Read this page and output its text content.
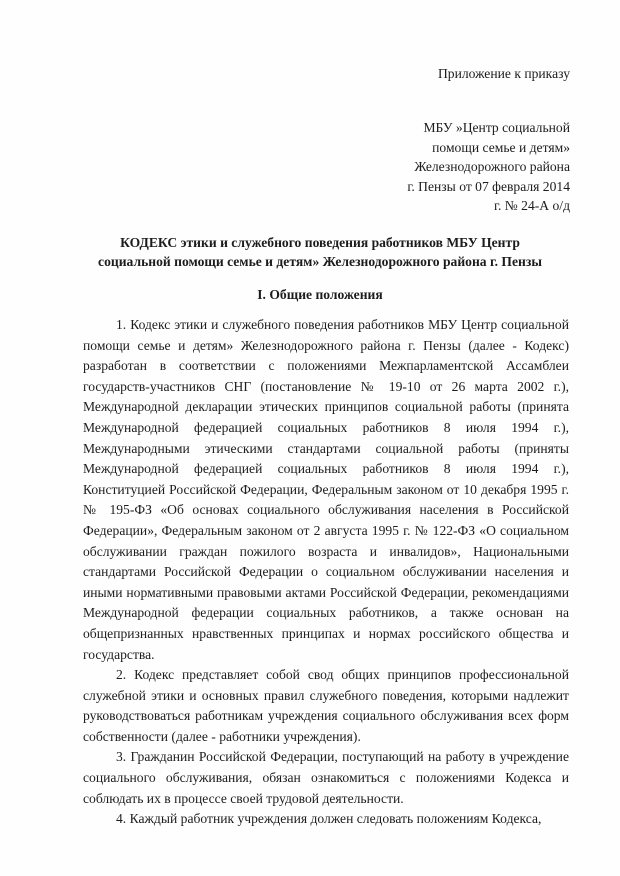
Приложение к приказу
МБУ »Центр социальной
помощи семье и детям»
Железнодорожного района
г. Пензы от 07 февраля 2014
г. № 24-А о/д
КОДЕКС этики и служебного поведения работников МБУ Центр
социальной помощи семье и детям» Железнодорожного района г. Пензы
I. Общие положения

1. Кодекс этики и служебного поведения работников МБУ Центр социальной помощи семье и детям» Железнодорожного района г. Пензы (далее - Кодекс) разработан в соответствии с положениями Межпарламентской Ассамблеи государств-участников СНГ (постановление № 19-10 от 26 марта 2002 г.), Международной декларации этических принципов социальной работы (принята Международной федерацией социальных работников 8 июля 1994 г.), Международными этическими стандартами социальной работы (приняты Международной федерацией социальных работников 8 июля 1994 г.), Конституцией Российской Федерации, Федеральным законом от 10 декабря 1995 г. № 195-ФЗ «Об основах социального обслуживания населения в Российской Федерации», Федеральным законом от 2 августа 1995 г. № 122-ФЗ «О социальном обслуживании граждан пожилого возраста и инвалидов», Национальными стандартами Российской Федерации о социальном обслуживании населения и иными нормативными правовыми актами Российской Федерации, рекомендациями Международной федерации социальных работников, а также основан на общепризнанных нравственных принципах и нормах российского общества и государства.

2. Кодекс представляет собой свод общих принципов профессиональной служебной этики и основных правил служебного поведения, которыми надлежит руководствоваться работникам учреждения социального обслуживания всех форм собственности (далее - работники учреждения).

3. Гражданин Российской Федерации, поступающий на работу в учреждение социального обслуживания, обязан ознакомиться с положениями Кодекса и соблюдать их в процессе своей трудовой деятельности.

4. Каждый работник учреждения должен следовать положениям Кодекса,
